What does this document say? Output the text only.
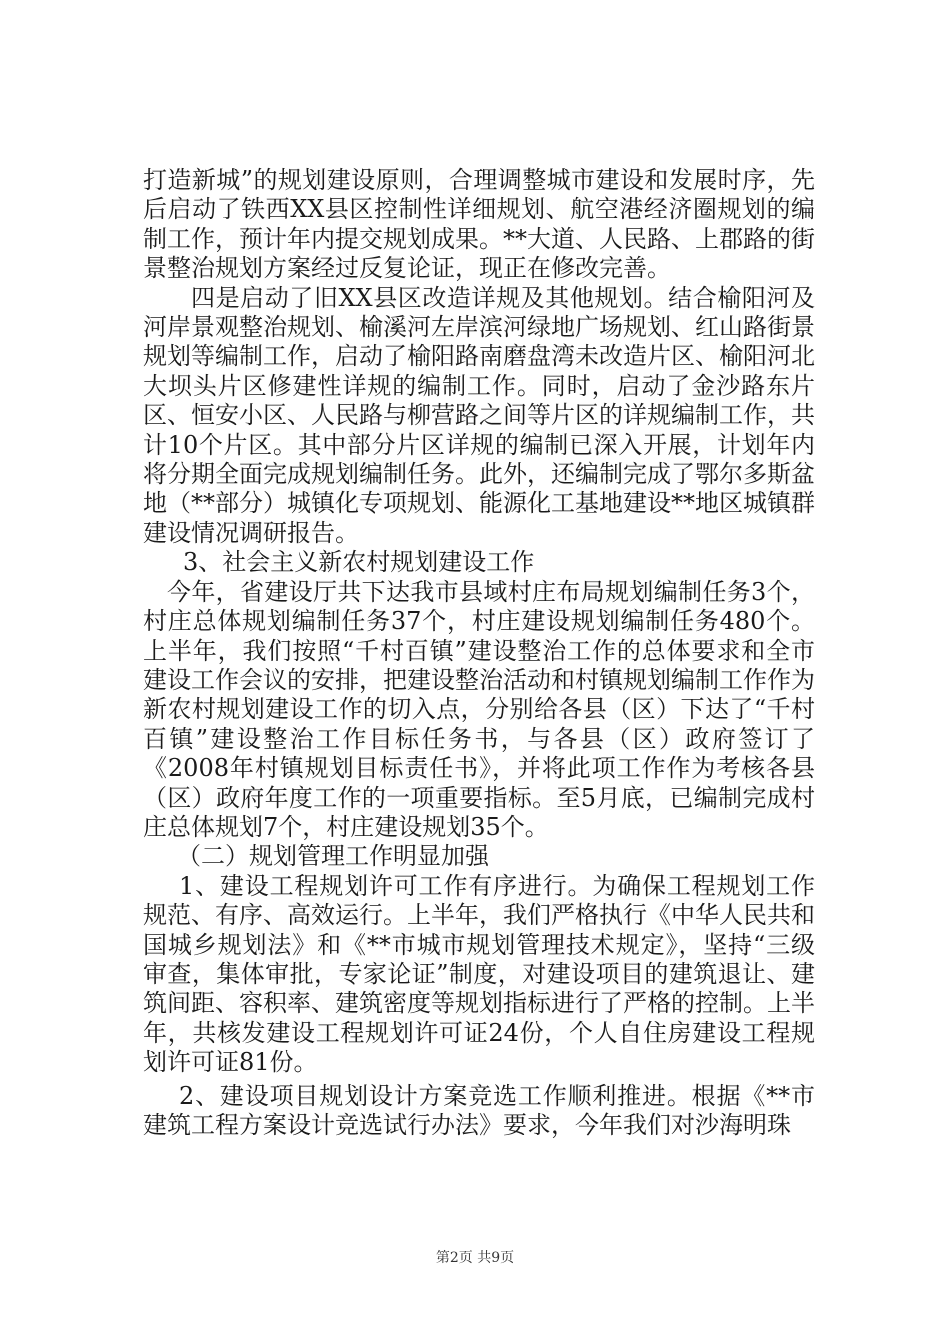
打造新城”的规划建设原则，合理调整城市建设和发展时序，先后启动了铁西XX县区控制性详细规划、航空港经济圈规划的编制工作，预计年内提交规划成果。**大道、人民路、上郡路的街景整治规划方案经过反复论证，现正在修改完善。

四是启动了旧XX县区改造详规及其他规划。结合榆阳河及河岸景观整治规划、榆溪河左岸滨河绿地广场规划、红山路街景规划等编制工作，启动了榆阳路南磨盘湾未改造片区、榆阳河北大坝头片区修建性详规的编制工作。同时，启动了金沙路东片区、恒安小区、人民路与柳营路之间等片区的详规编制工作，共计10个片区。其中部分片区详规的编制已深入开展，计划年内将分期全面完成规划编制任务。此外，还编制完成了鄂尔多斯盆地（**部分）城镇化专项规划、能源化工基地建设**地区城镇群建设情况调研报告。

3、社会主义新农村规划建设工作

今年，省建设厅共下达我市县域村庄布局规划编制任务3个，村庄总体规划编制任务37个，村庄建设规划编制任务480个。上半年，我们按照“千村百镇”建设整治工作的总体要求和全市建设工作会议的安排，把建设整治活动和村镇规划编制工作作为新农村规划建设工作的切入点，分别给各县（区）下达了“千村百镇”建设整治工作目标任务书，与各县（区）政府签订了《2008年村镇规划目标责任书》，并将此项工作作为考核各县（区）政府年度工作的一项重要指标。至5月底，已编制完成村庄总体规划7个，村庄建设规划35个。

（二）规划管理工作明显加强

1、建设工程规划许可工作有序进行。为确保工程规划工作规范、有序、高效运行。上半年，我们严格执行《中华人民共和国城乡规划法》和《**市城市规划管理技术规定》，坚持“三级审查，集体审批，专家论证”制度，对建设项目的建筑退让、建筑间距、容积率、建筑密度等规划指标进行了严格的控制。上半年，共核发建设工程规划许可证24份，个人自住房建设工程规划许可证81份。

2、建设项目规划设计方案竞选工作顺利推进。根据《**市建筑工程方案设计竞选试行办法》要求，今年我们对沙海明珠

第2页 共9页
